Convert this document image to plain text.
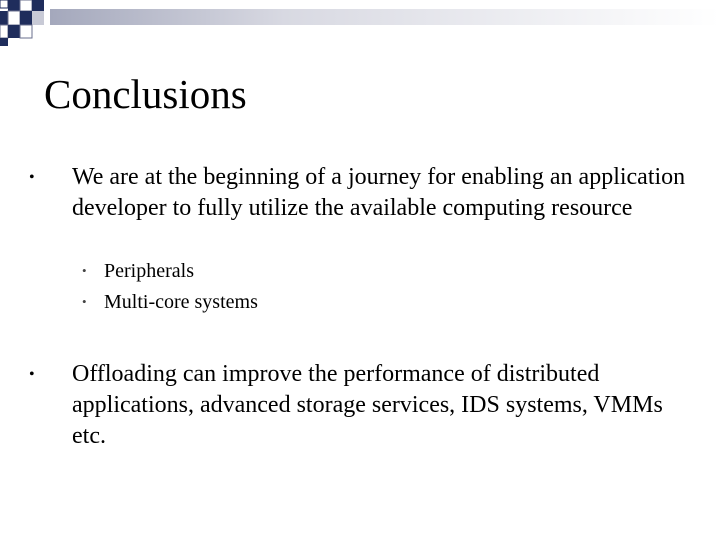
Conclusions
• We are at the beginning of a journey for enabling an application developer to fully utilize the available computing resource
• Peripherals
• Multi-core systems
• Offloading can improve the performance of distributed applications, advanced storage services, IDS systems, VMMs etc.
